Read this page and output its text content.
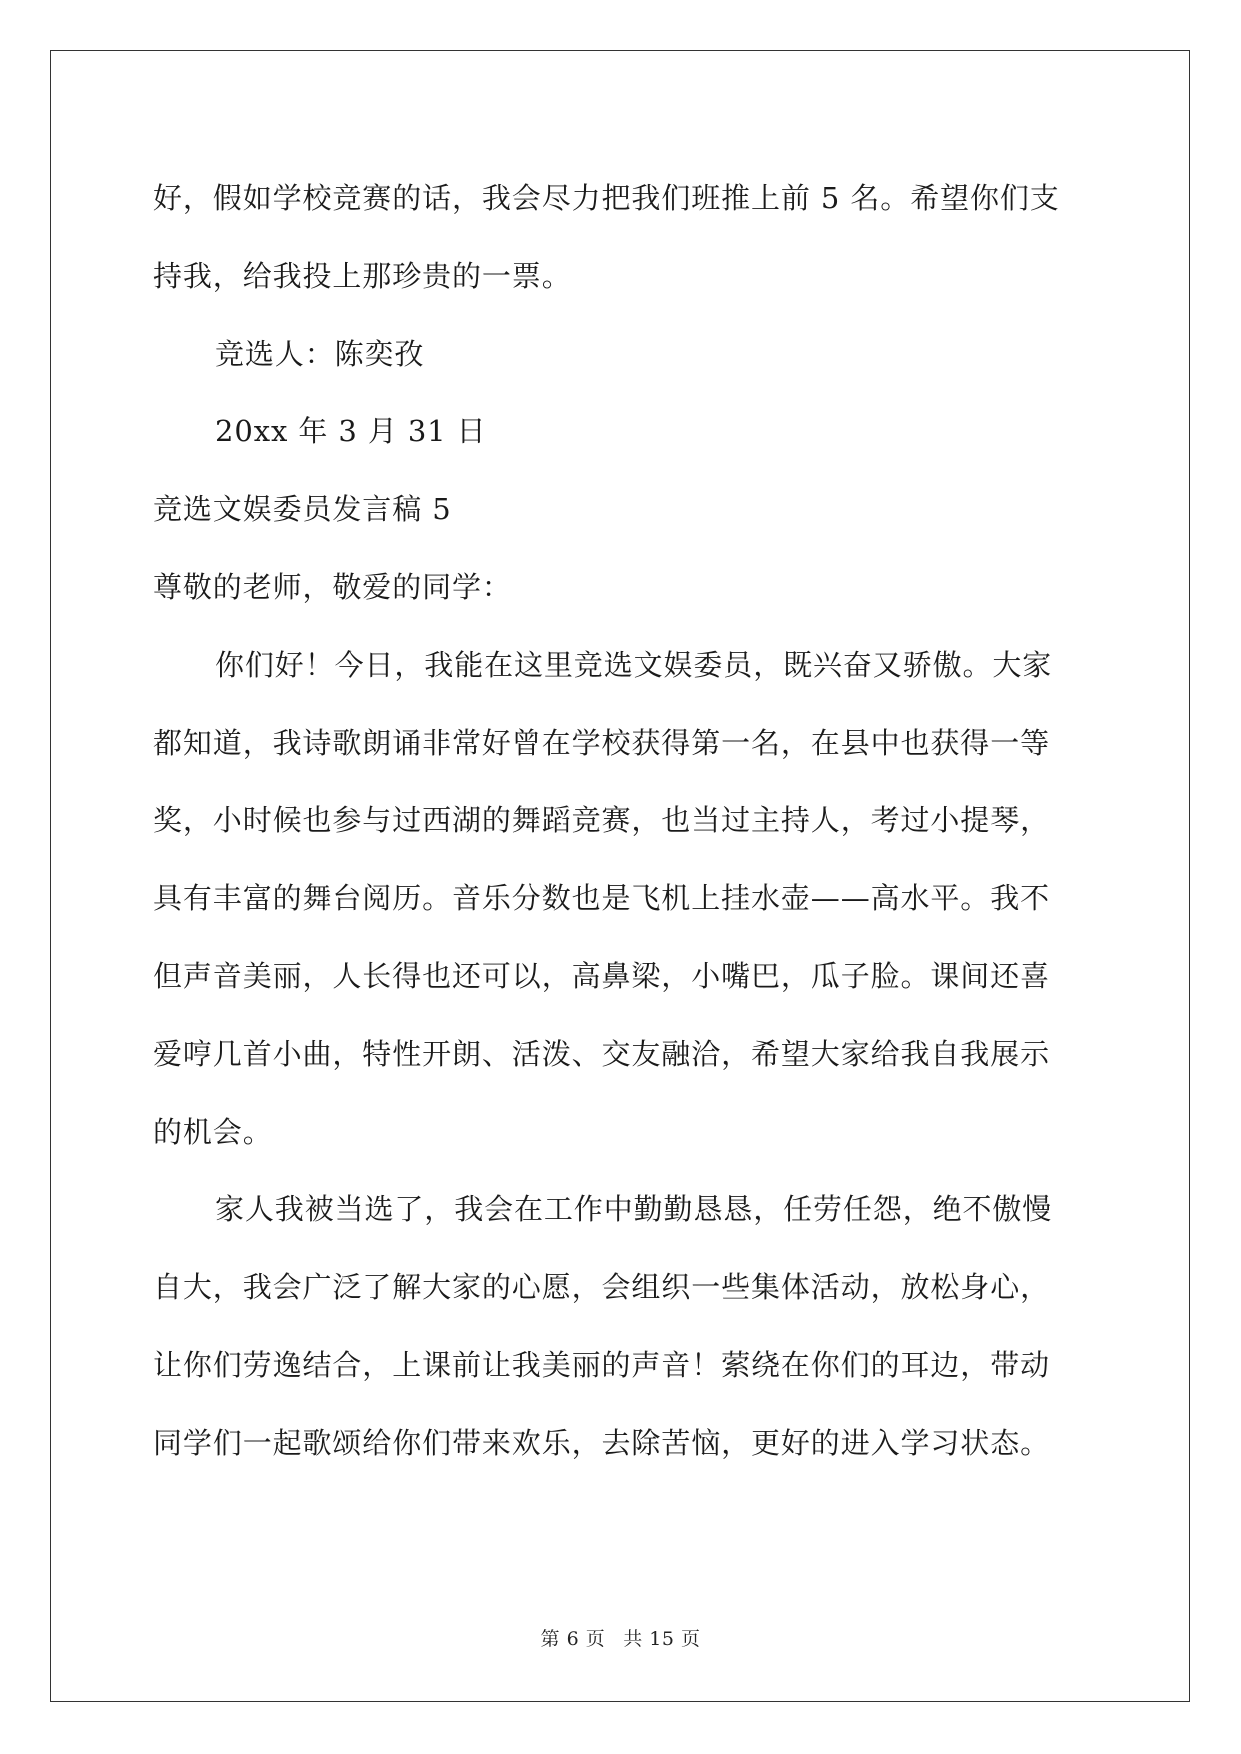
好，假如学校竞赛的话，我会尽力把我们班推上前 5 名。希望你们支

持我，给我投上那珍贵的一票。

竞选人：陈奕孜

20xx 年 3 月 31 日

竞选文娱委员发言稿 5

尊敬的老师，敬爱的同学：

你们好！今日，我能在这里竞选文娱委员，既兴奋又骄傲。大家

都知道，我诗歌朗诵非常好曾在学校获得第一名，在县中也获得一等

奖，小时候也参与过西湖的舞蹈竞赛，也当过主持人，考过小提琴，

具有丰富的舞台阅历。音乐分数也是飞机上挂水壶——高水平。我不

但声音美丽，人长得也还可以，高鼻梁，小嘴巴，瓜子脸。课间还喜

爱哼几首小曲，特性开朗、活泼、交友融洽，希望大家给我自我展示

的机会。

家人我被当选了，我会在工作中勤勤恳恳，任劳任怨，绝不傲慢

自大，我会广泛了解大家的心愿，会组织一些集体活动，放松身心，

让你们劳逸结合，上课前让我美丽的声音！萦绕在你们的耳边，带动

同学们一起歌颂给你们带来欢乐，去除苦恼，更好的进入学习状态。

第 6 页 共 15 页
